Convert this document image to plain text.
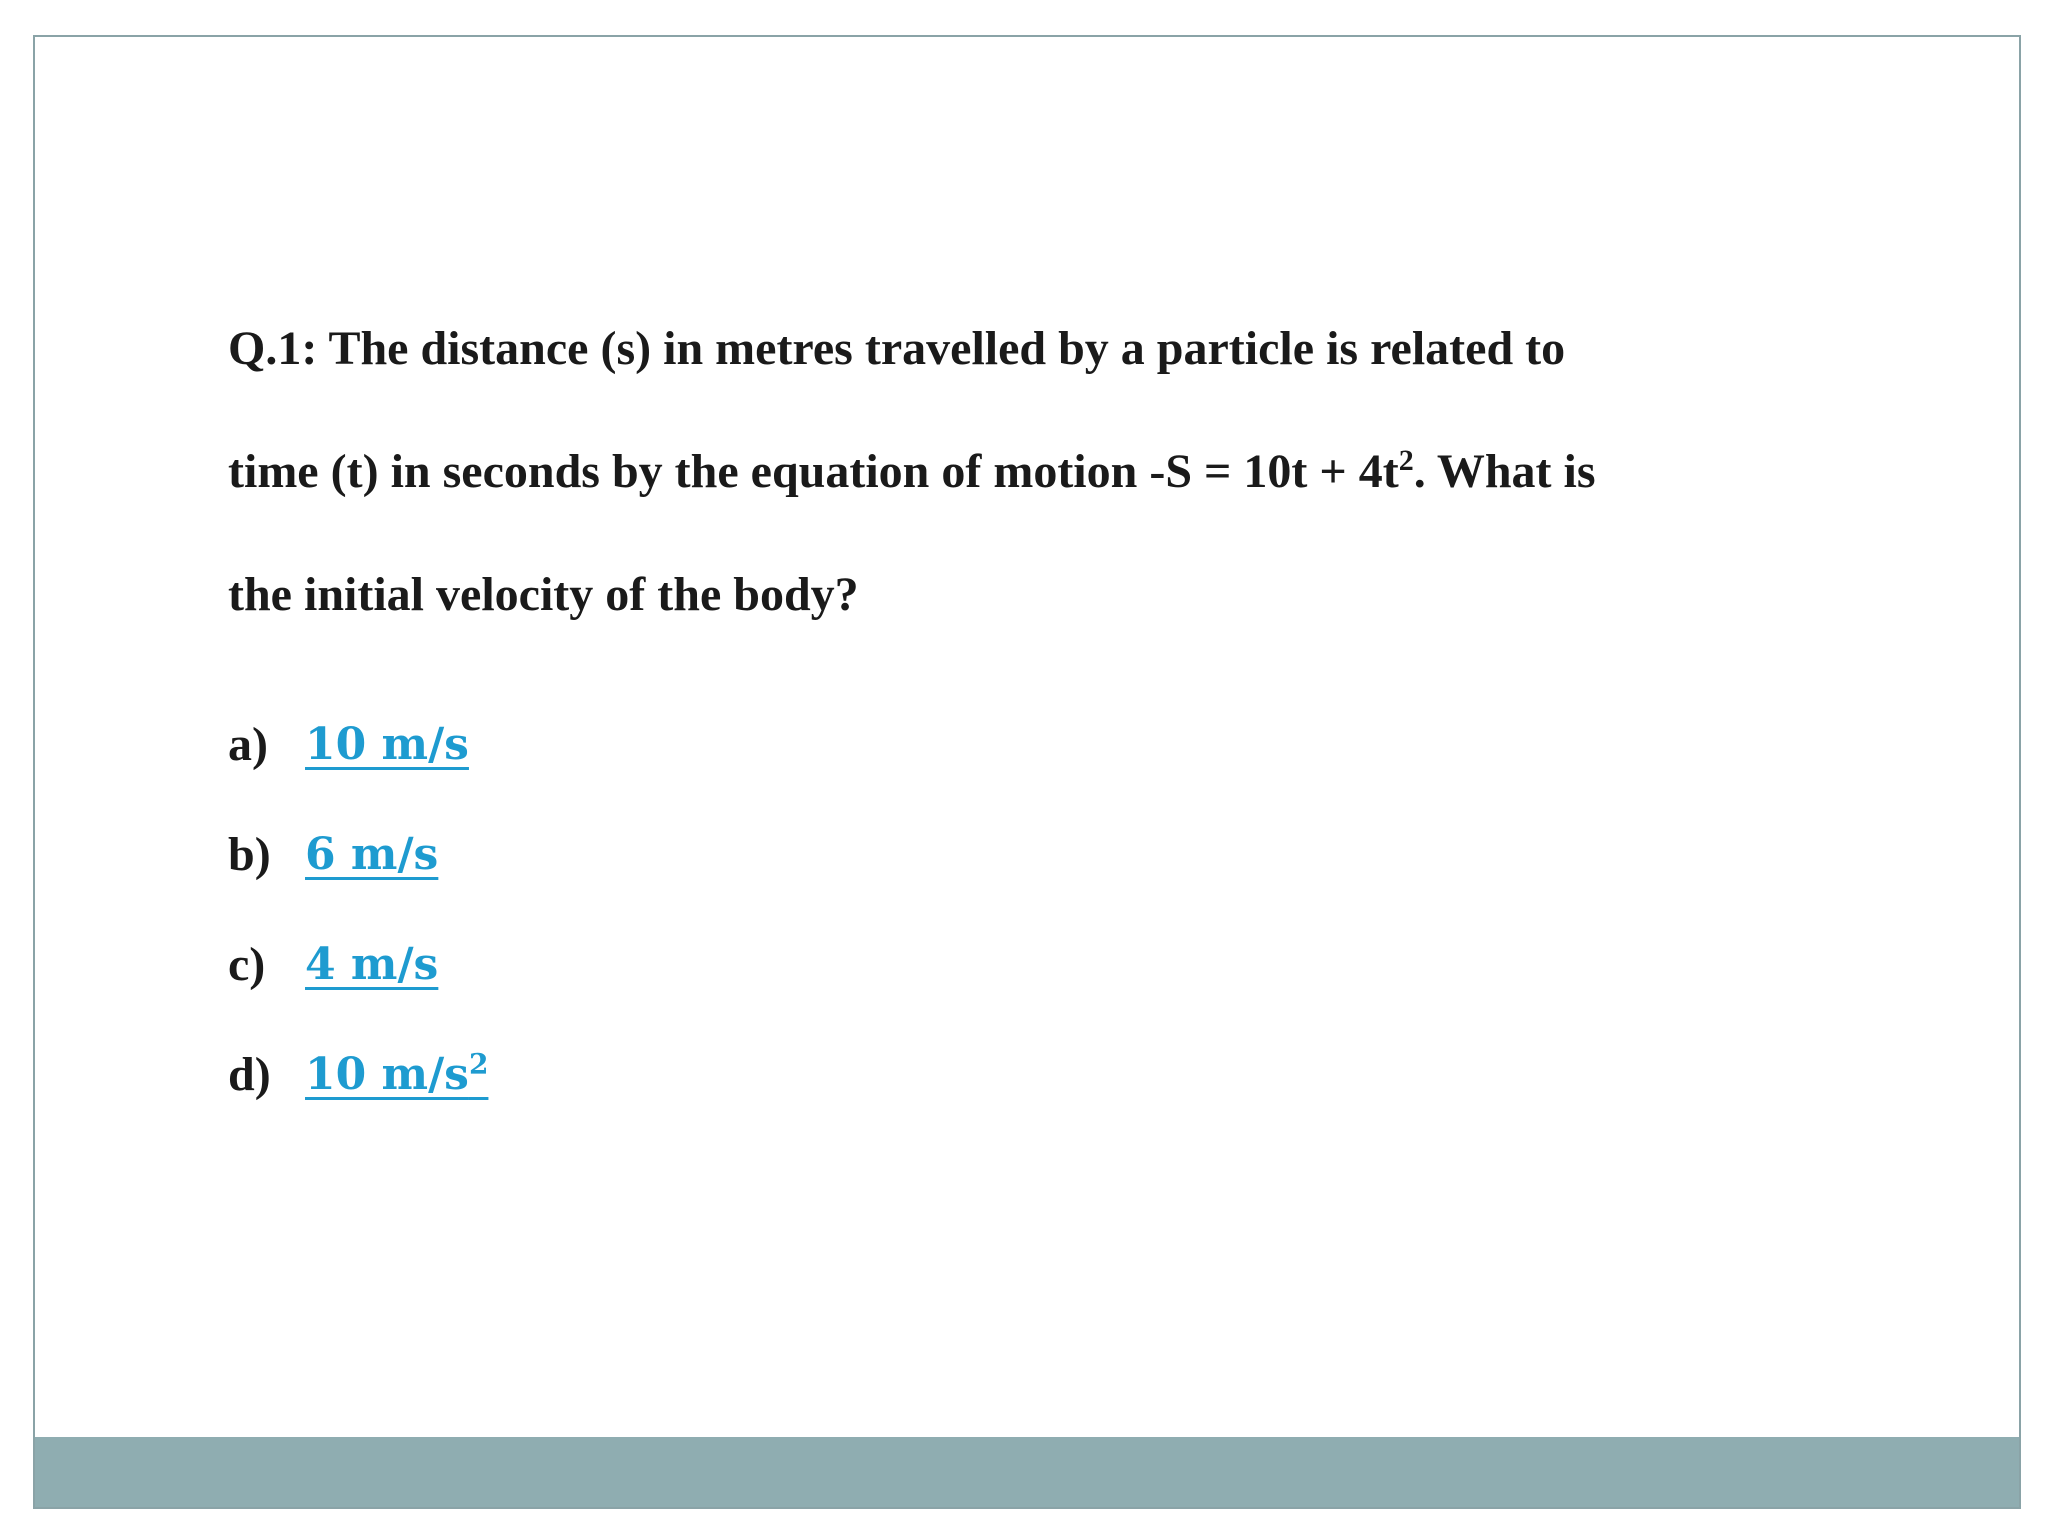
Q.1: The distance (s) in metres travelled by a particle is related to
time (t) in seconds by the equation of motion $-S = 10t + 4t^2$. What is
the initial velocity of the body?

a) 10 m/s
b) 6 m/s
c) 4 m/s
d) 10 $m/s^2$
